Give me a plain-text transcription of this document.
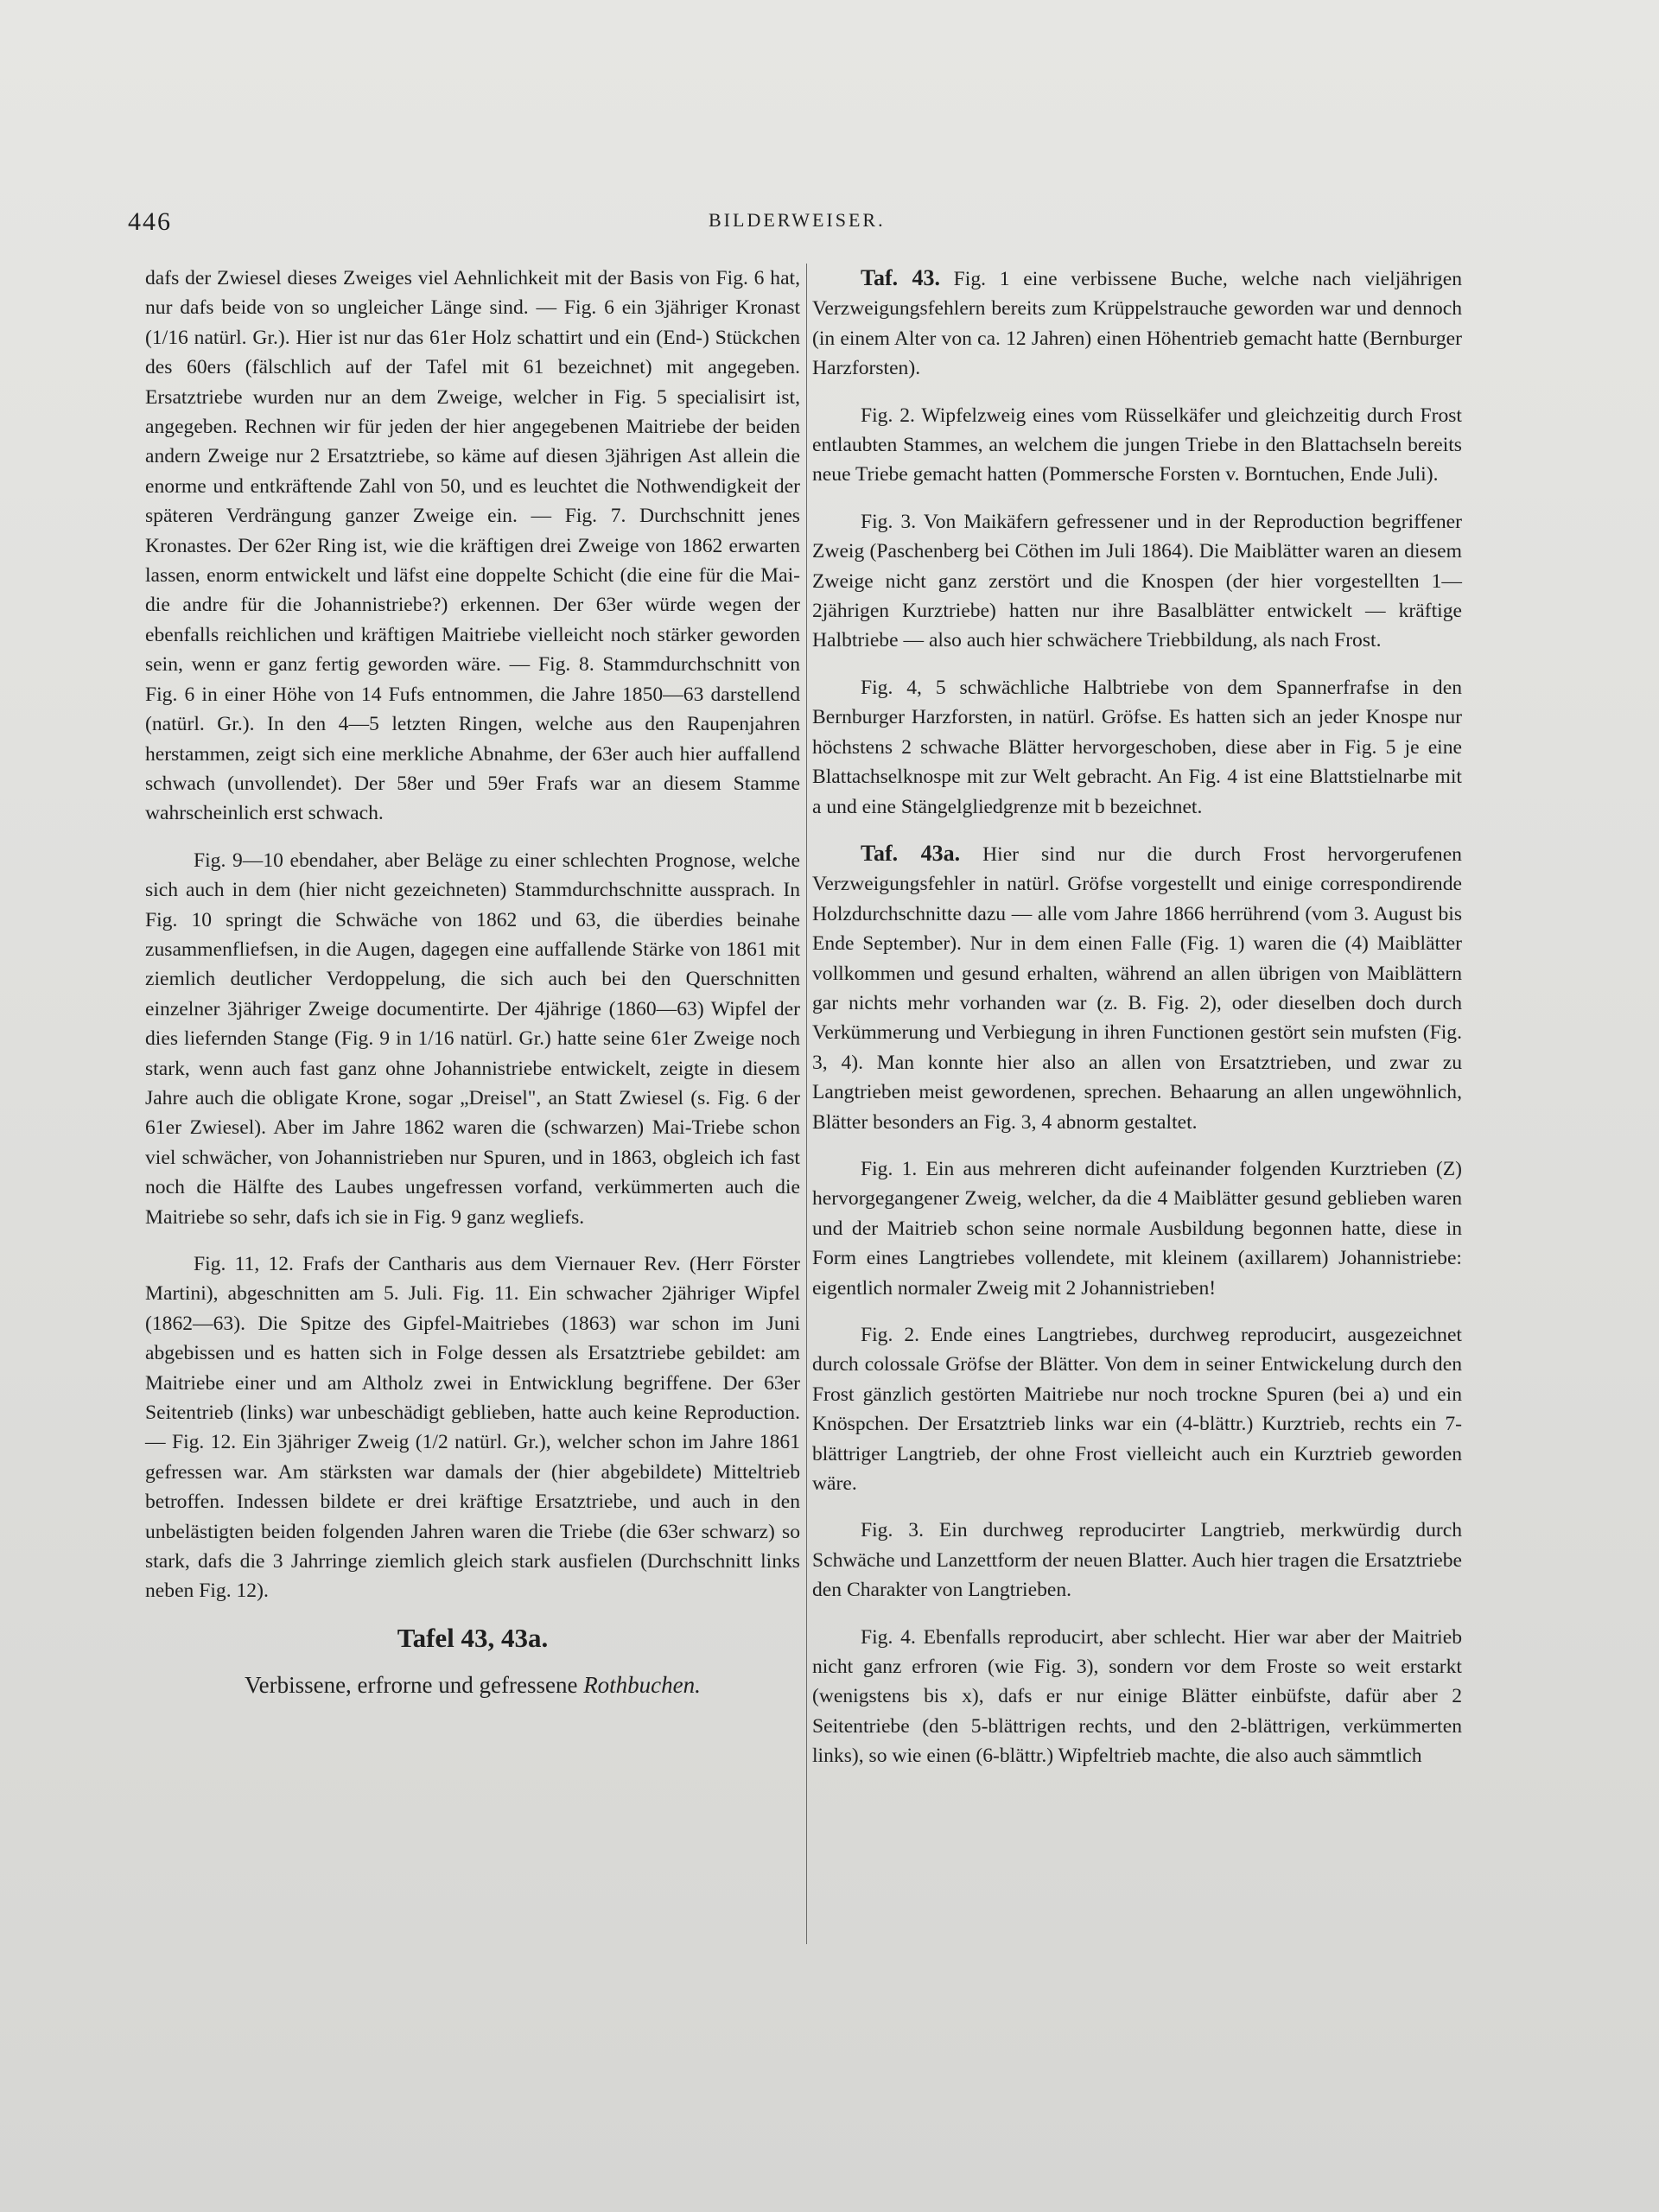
446	BILDERWEISER.

dafs der Zwiesel dieses Zweiges viel Aehnlichkeit mit der Basis von Fig. 6 hat, nur dafs beide von so ungleicher Länge sind. — Fig. 6 ein 3jähriger Kronast (1/16 natürl. Gr.). Hier ist nur das 61er Holz schattirt und ein (End-) Stückchen des 60ers (fälschlich auf der Tafel mit 61 bezeichnet) mit angegeben. Ersatztriebe wurden nur an dem Zweige, welcher in Fig. 5 specialisirt ist, angegeben. Rechnen wir für jeden der hier angegebenen Maitriebe der beiden andern Zweige nur 2 Ersatztriebe, so käme auf diesen 3jährigen Ast allein die enorme und entkräftende Zahl von 50, und es leuchtet die Nothwendigkeit der späteren Verdrängung ganzer Zweige ein. — Fig. 7. Durchschnitt jenes Kronastes. Der 62er Ring ist, wie die kräftigen drei Zweige von 1862 erwarten lassen, enorm entwickelt und läfst eine doppelte Schicht (die eine für die Mai- die andre für die Johannistriebe?) erkennen. Der 63er würde wegen der ebenfalls reichlichen und kräftigen Maitriebe vielleicht noch stärker geworden sein, wenn er ganz fertig geworden wäre. — Fig. 8. Stammdurchschnitt von Fig. 6 in einer Höhe von 14 Fufs entnommen, die Jahre 1850—63 darstellend (natürl. Gr.). In den 4—5 letzten Ringen, welche aus den Raupenjahren herstammen, zeigt sich eine merkliche Abnahme, der 63er auch hier auffallend schwach (unvollendet). Der 58er und 59er Frafs war an diesem Stamme wahrscheinlich erst schwach.

Fig. 9—10 ebendaher, aber Beläge zu einer schlechten Prognose, welche sich auch in dem (hier nicht gezeichneten) Stammdurchschnitte aussprach. In Fig. 10 springt die Schwäche von 1862 und 63, die überdies beinahe zusammenfliefsen, in die Augen, dagegen eine auffallende Stärke von 1861 mit ziemlich deutlicher Verdoppelung, die sich auch bei den Querschnitten einzelner 3jähriger Zweige documentirte. Der 4jährige (1860—63) Wipfel der dies liefernden Stange (Fig. 9 in 1/16 natürl. Gr.) hatte seine 61er Zweige noch stark, wenn auch fast ganz ohne Johannistriebe entwickelt, zeigte in diesem Jahre auch die obligate Krone, sogar „Dreisel", an Statt Zwiesel (s. Fig. 6 der 61er Zwiesel). Aber im Jahre 1862 waren die (schwarzen) Mai-Triebe schon viel schwächer, von Johannistrieben nur Spuren, und in 1863, obgleich ich fast noch die Hälfte des Laubes ungefressen vorfand, verkümmerten auch die Maitriebe so sehr, dafs ich sie in Fig. 9 ganz wegliefs.

Fig. 11, 12. Frafs der Cantharis aus dem Viernauer Rev. (Herr Förster Martini), abgeschnitten am 5. Juli. Fig. 11. Ein schwacher 2jähriger Wipfel (1862—63). Die Spitze des Gipfel-Maitriebes (1863) war schon im Juni abgebissen und es hatten sich in Folge dessen als Ersatztriebe gebildet: am Maitriebe einer und am Altholz zwei in Entwicklung begriffene. Der 63er Seitentrieb (links) war unbeschädigt geblieben, hatte auch keine Reproduction. — Fig. 12. Ein 3jähriger Zweig (1/2 natürl. Gr.), welcher schon im Jahre 1861 gefressen war. Am stärksten war damals der (hier abgebildete) Mitteltrieb betroffen. Indessen bildete er drei kräftige Ersatztriebe, und auch in den unbelästigten beiden folgenden Jahren waren die Triebe (die 63er schwarz) so stark, dafs die 3 Jahrringe ziemlich gleich stark ausfielen (Durchschnitt links neben Fig. 12).

Tafel 43, 43a.

Verbissene, erfrorne und gefressene Rothbuchen.

Taf. 43. Fig. 1 eine verbissene Buche, welche nach vieljährigen Verzweigungsfehlern bereits zum Krüppelstrauche geworden war und dennoch (in einem Alter von ca. 12 Jahren) einen Höhentrieb gemacht hatte (Bernburger Harzforsten).

Fig. 2. Wipfelzweig eines vom Rüsselkäfer und gleichzeitig durch Frost entlaubten Stammes, an welchem die jungen Triebe in den Blattachseln bereits neue Triebe gemacht hatten (Pommersche Forsten v. Borntuchen, Ende Juli).

Fig. 3. Von Maikäfern gefressener und in der Reproduction begriffener Zweig (Paschenberg bei Cöthen im Juli 1864). Die Maiblätter waren an diesem Zweige nicht ganz zerstört und die Knospen (der hier vorgestellten 1—2jährigen Kurztriebe) hatten nur ihre Basalblätter entwickelt — kräftige Halbtriebe — also auch hier schwächere Triebbildung, als nach Frost.

Fig. 4, 5 schwächliche Halbtriebe von dem Spannerfrafse in den Bernburger Harzforsten, in natürl. Gröfse. Es hatten sich an jeder Knospe nur höchstens 2 schwache Blätter hervorgeschoben, diese aber in Fig. 5 je eine Blattachselknospe mit zur Welt gebracht. An Fig. 4 ist eine Blattstielnarbe mit a und eine Stängelgliedgrenze mit b bezeichnet.

Taf. 43a. Hier sind nur die durch Frost hervorgerufenen Verzweigungsfehler in natürl. Gröfse vorgestellt und einige correspondirende Holzdurchschnitte dazu — alle vom Jahre 1866 herrührend (vom 3. August bis Ende September). Nur in dem einen Falle (Fig. 1) waren die (4) Maiblätter vollkommen und gesund erhalten, während an allen übrigen von Maiblättern gar nichts mehr vorhanden war (z. B. Fig. 2), oder dieselben doch durch Verkümmerung und Verbiegung in ihren Functionen gestört sein mufsten (Fig. 3, 4). Man konnte hier also an allen von Ersatztrieben, und zwar zu Langtrieben meist gewordenen, sprechen. Behaarung an allen ungewöhnlich, Blätter besonders an Fig. 3, 4 abnorm gestaltet.

Fig. 1. Ein aus mehreren dicht aufeinander folgenden Kurztrieben (Z) hervorgegangener Zweig, welcher, da die 4 Maiblätter gesund geblieben waren und der Maitrieb schon seine normale Ausbildung begonnen hatte, diese in Form eines Langtriebes vollendete, mit kleinem (axillarem) Johannistriebe: eigentlich normaler Zweig mit 2 Johannistrieben!

Fig. 2. Ende eines Langtriebes, durchweg reproducirt, ausgezeichnet durch colossale Gröfse der Blätter. Von dem in seiner Entwickelung durch den Frost gänzlich gestörten Maitriebe nur noch trockne Spuren (bei a) und ein Knöspchen. Der Ersatztrieb links war ein (4-blättr.) Kurztrieb, rechts ein 7-blättriger Langtrieb, der ohne Frost vielleicht auch ein Kurztrieb geworden wäre.

Fig. 3. Ein durchweg reproducirter Langtrieb, merkwürdig durch Schwäche und Lanzettform der neuen Blatter. Auch hier tragen die Ersatztriebe den Charakter von Langtrieben.

Fig. 4. Ebenfalls reproducirt, aber schlecht. Hier war aber der Maitrieb nicht ganz erfroren (wie Fig. 3), sondern vor dem Froste so weit erstarkt (wenigstens bis x), dafs er nur einige Blätter einbüfste, dafür aber 2 Seitentriebe (den 5-blättrigen rechts, und den 2-blättrigen, verkümmerten links), so wie einen (6-blättr.) Wipfeltrieb machte, die also auch sämmtlich
